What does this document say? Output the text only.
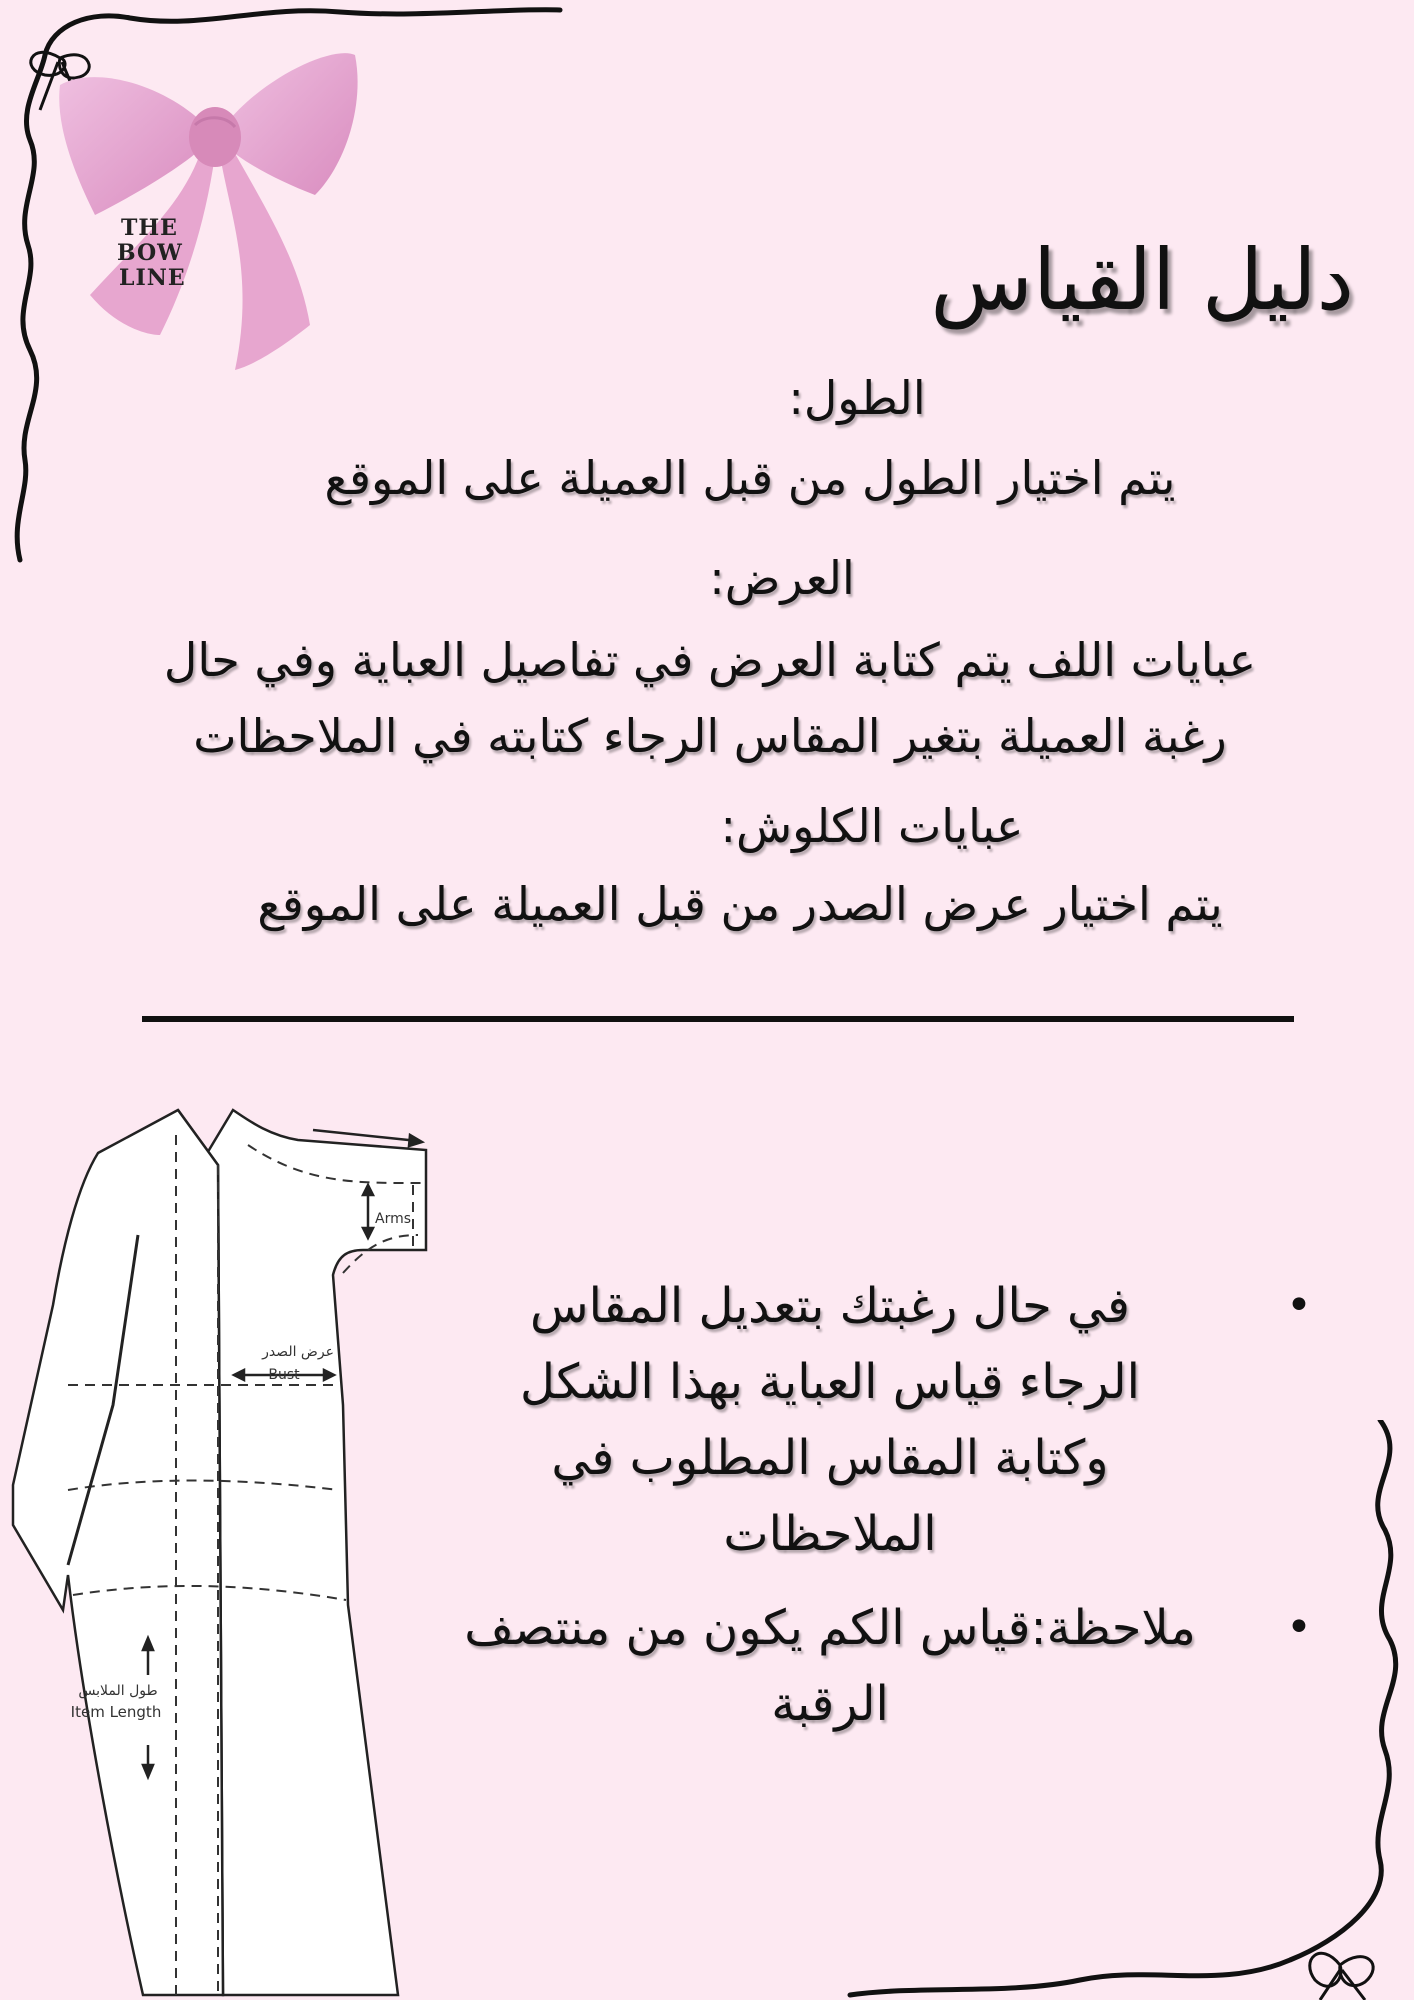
THE
BOW
LINE	دليل القياس
الطول:
يتم اختيار الطول من قبل العميلة على الموقع
العرض:
عبايات اللف يتم كتابة العرض في تفاصيل العباية وفي حال
رغبة العميلة بتغير المقاس الرجاء كتابته في الملاحظات
عبايات الكلوش:
يتم اختيار عرض الصدر من قبل العميلة على الموقع
Arms
عرض الصدر
Bust
طول الملابس
Item Length
•
في حال رغبتك بتعديل المقاس
الرجاء قياس العباية بهذا الشكل
وكتابة المقاس المطلوب في
الملاحظات
•
ملاحظة:قياس الكم يكون من منتصف
الرقبة
